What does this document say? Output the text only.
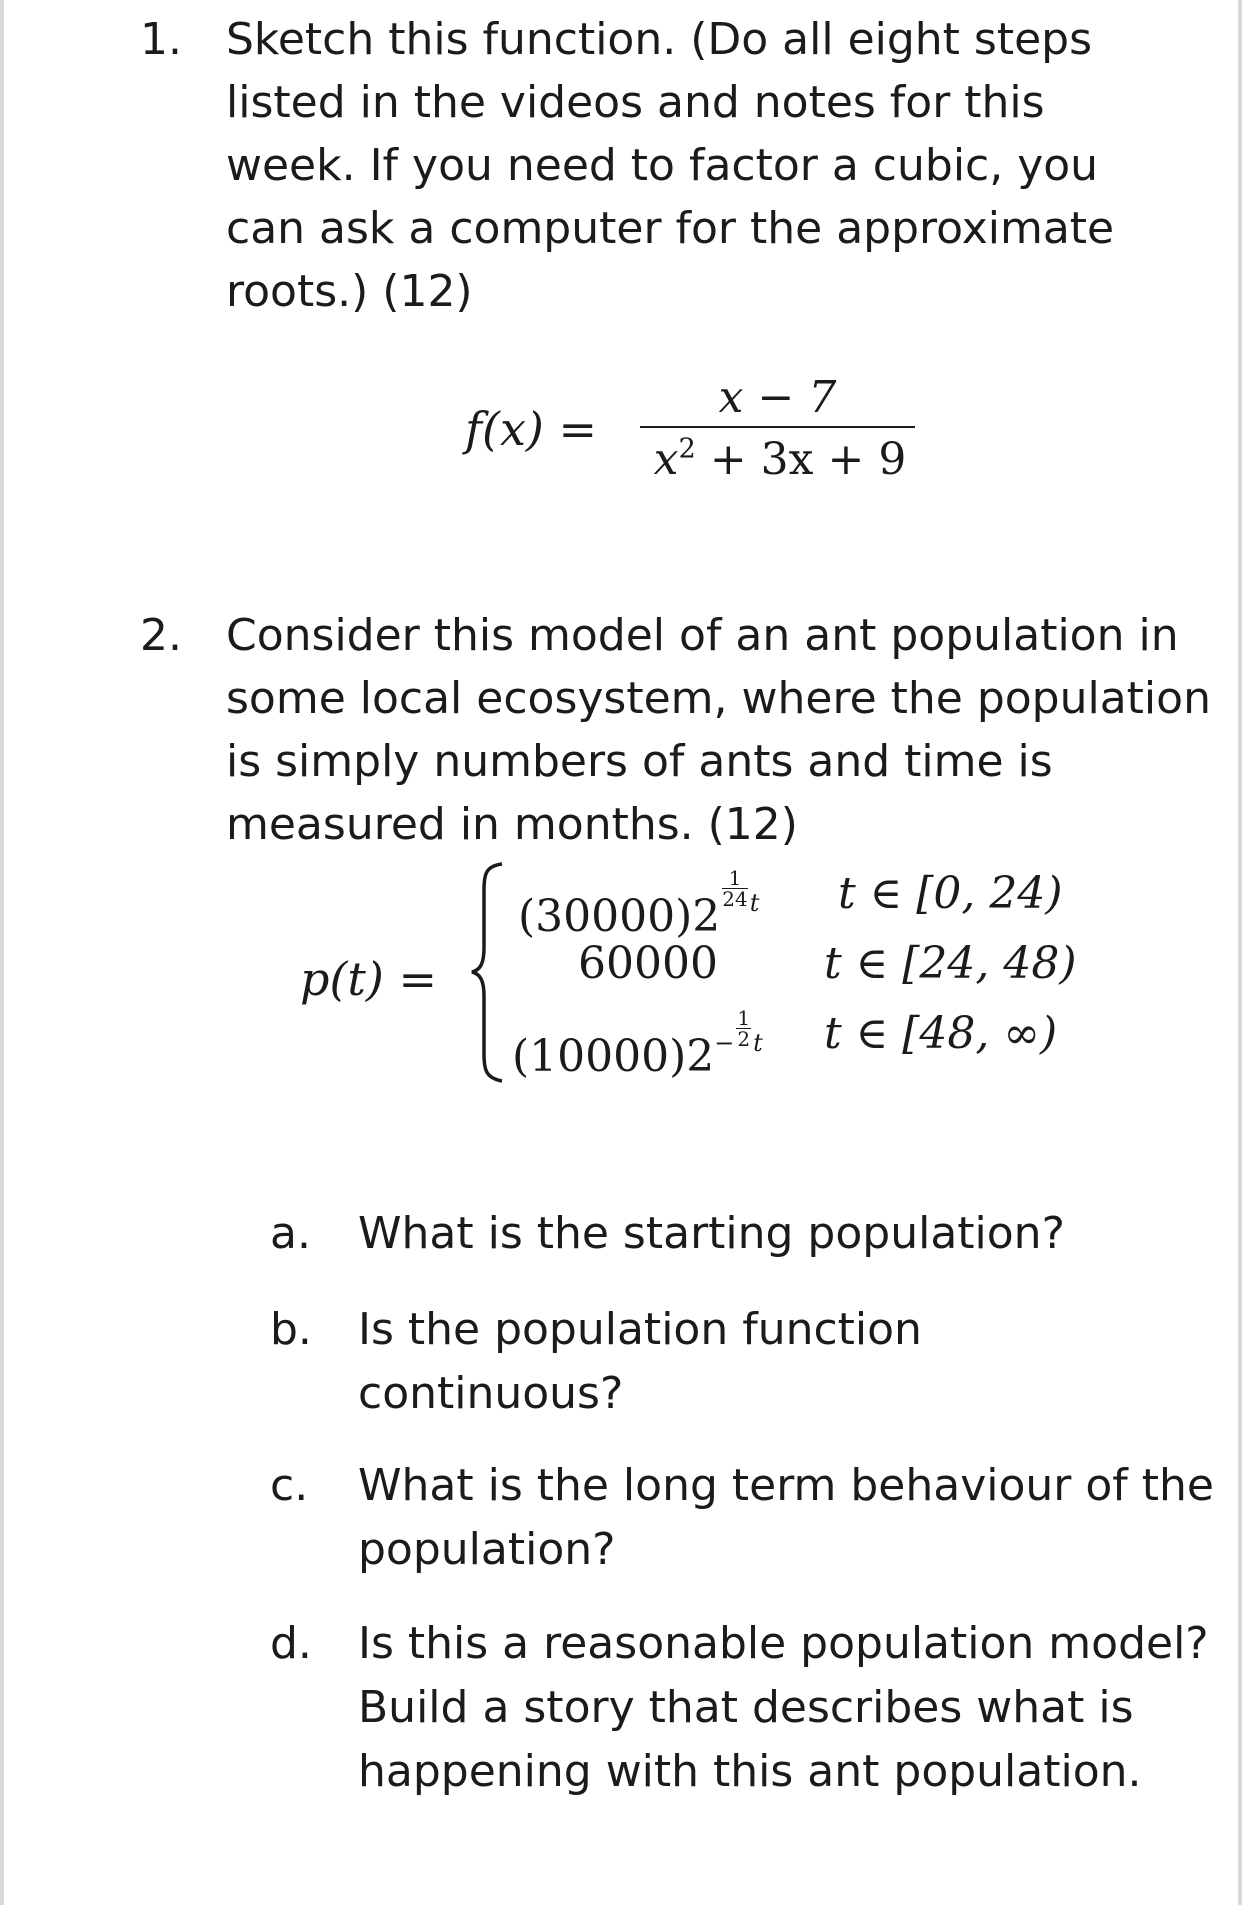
1. Sketch this function. (Do all eight steps listed in the videos and notes for this week. If you need to factor a cubic, you can ask a computer for the approximate roots.) (12)
f(x) =
x − 7
$x^2 + 3x + 9$
2. Consider this model of an ant population in some local ecosystem, where the population is simply numbers of ants and time is measured in months. (12)
p(t) =
(30000)2
$\frac{1}{24} ^t$ t ∈ [0, 24)
60000 t ∈ [24, 48)
$(10000)2^- \frac{1}{2} ^t$ t ∈ [48, ∞)
a. What is the starting population?
b. Is the population function continuous?
c. What is the long term behaviour of the population?
d. Is this a reasonable population model? Build a story that describes what is happening with this ant population.
